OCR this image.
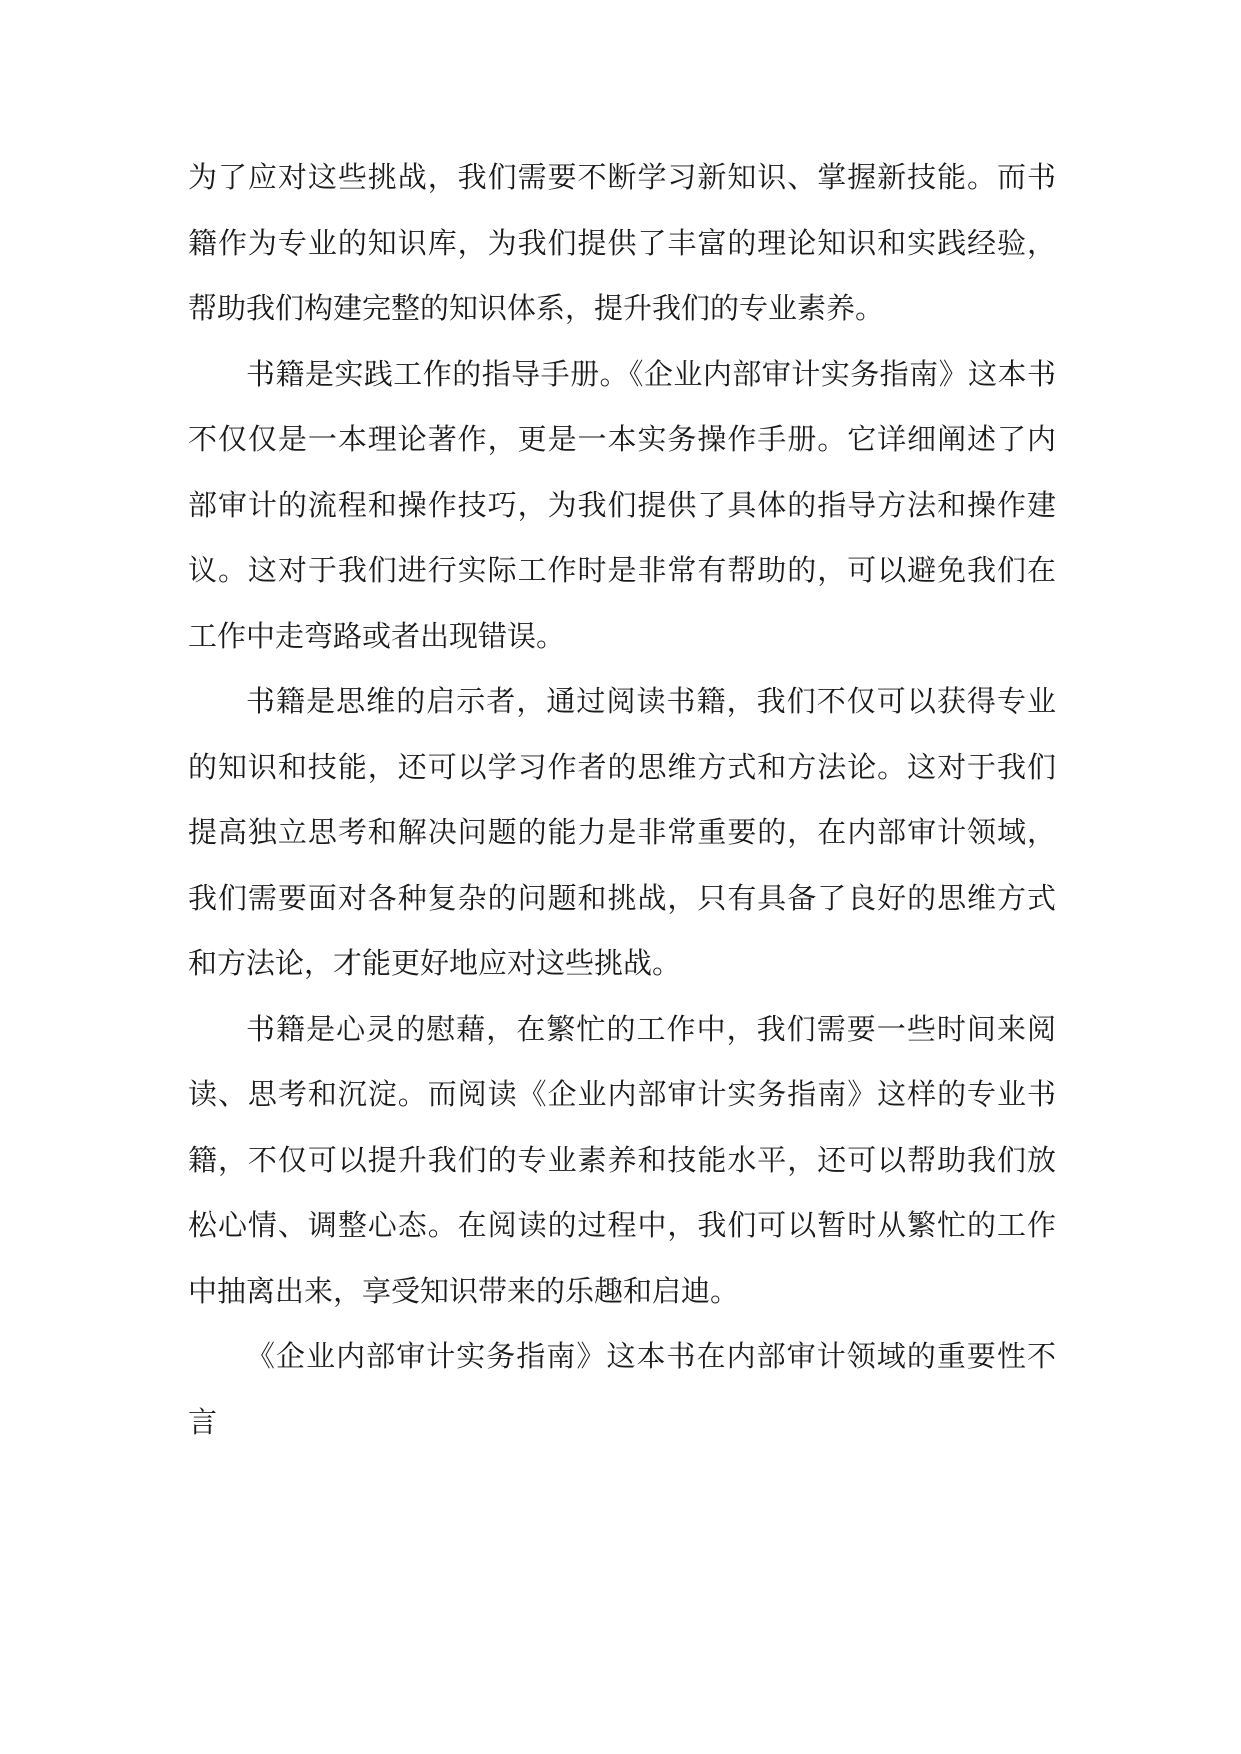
为了应对这些挑战，我们需要不断学习新知识、掌握新技能。而书籍作为专业的知识库，为我们提供了丰富的理论知识和实践经验，帮助我们构建完整的知识体系，提升我们的专业素养。

书籍是实践工作的指导手册。《企业内部审计实务指南》这本书不仅仅是一本理论著作，更是一本实务操作手册。它详细阐述了内部审计的流程和操作技巧，为我们提供了具体的指导方法和操作建议。这对于我们进行实际工作时是非常有帮助的，可以避免我们在工作中走弯路或者出现错误。

书籍是思维的启示者，通过阅读书籍，我们不仅可以获得专业的知识和技能，还可以学习作者的思维方式和方法论。这对于我们提高独立思考和解决问题的能力是非常重要的，在内部审计领域，我们需要面对各种复杂的问题和挑战，只有具备了良好的思维方式和方法论，才能更好地应对这些挑战。

书籍是心灵的慰藉，在繁忙的工作中，我们需要一些时间来阅读、思考和沉淀。而阅读《企业内部审计实务指南》这样的专业书籍，不仅可以提升我们的专业素养和技能水平，还可以帮助我们放松心情、调整心态。在阅读的过程中，我们可以暂时从繁忙的工作中抽离出来，享受知识带来的乐趣和启迪。

《企业内部审计实务指南》这本书在内部审计领域的重要性不言
